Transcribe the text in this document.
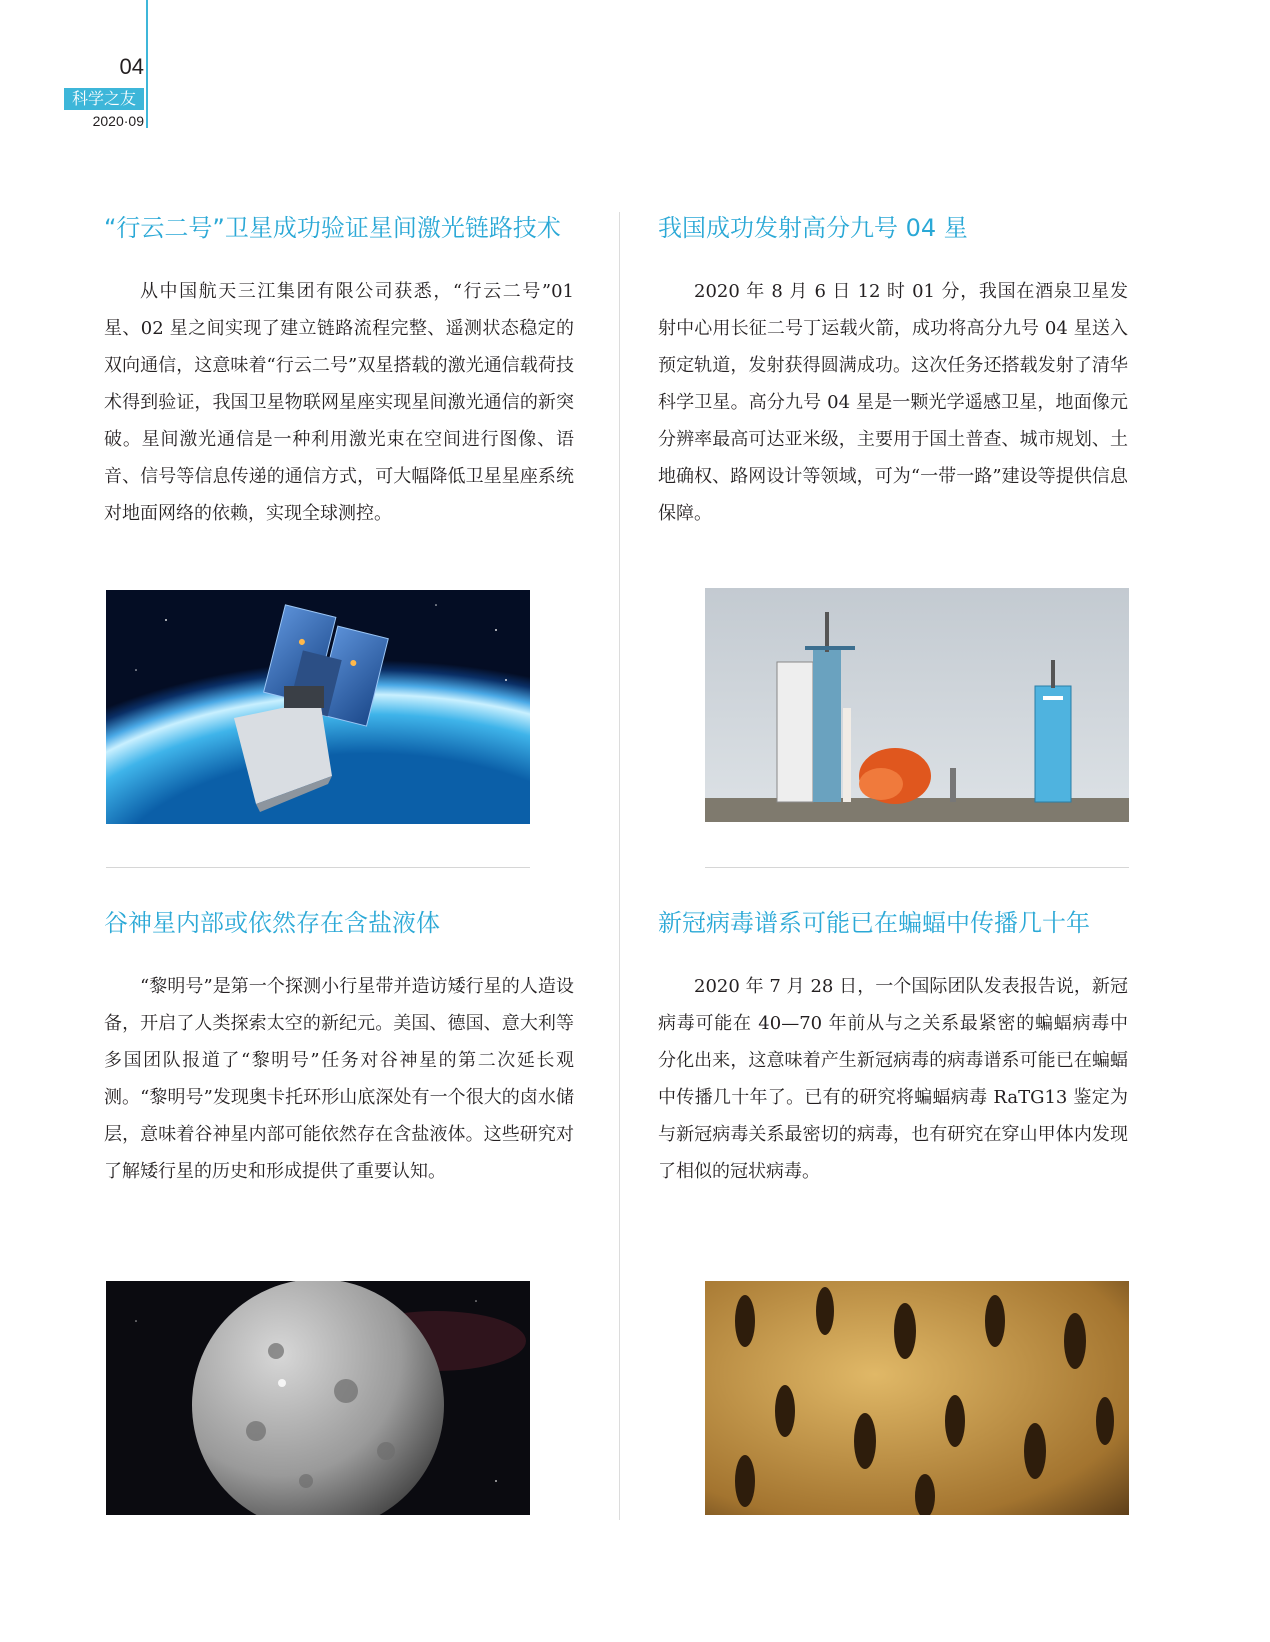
04
科学之友
2020·09
“行云二号”卫星成功验证星间激光链路技术

从中国航天三江集团有限公司获悉，“行云二号”01 星、02 星之间实现了建立链路流程完整、遥测状态稳定的双向通信，这意味着“行云二号”双星搭载的激光通信载荷技术得到验证，我国卫星物联网星座实现星间激光通信的新突破。星间激光通信是一种利用激光束在空间进行图像、语音、信号等信息传递的通信方式，可大幅降低卫星星座系统对地面网络的依赖，实现全球测控。

我国成功发射高分九号 04 星

2020 年 8 月 6 日 12 时 01 分，我国在酒泉卫星发射中心用长征二号丁运载火箭，成功将高分九号 04 星送入预定轨道，发射获得圆满成功。这次任务还搭载发射了清华科学卫星。高分九号 04 星是一颗光学遥感卫星，地面像元分辨率最高可达亚米级，主要用于国土普查、城市规划、土地确权、路网设计等领域，可为“一带一路”建设等提供信息保障。

谷神星内部或依然存在含盐液体

“黎明号”是第一个探测小行星带并造访矮行星的人造设备，开启了人类探索太空的新纪元。美国、德国、意大利等多国团队报道了“黎明号”任务对谷神星的第二次延长观测。“黎明号”发现奥卡托环形山底深处有一个很大的卤水储层，意味着谷神星内部可能依然存在含盐液体。这些研究对了解矮行星的历史和形成提供了重要认知。

新冠病毒谱系可能已在蝙蝠中传播几十年

2020 年 7 月 28 日，一个国际团队发表报告说，新冠病毒可能在 40—70 年前从与之关系最紧密的蝙蝠病毒中分化出来，这意味着产生新冠病毒的病毒谱系可能已在蝙蝠中传播几十年了。已有的研究将蝙蝠病毒 RaTG13 鉴定为与新冠病毒关系最密切的病毒，也有研究在穿山甲体内发现了相似的冠状病毒。
